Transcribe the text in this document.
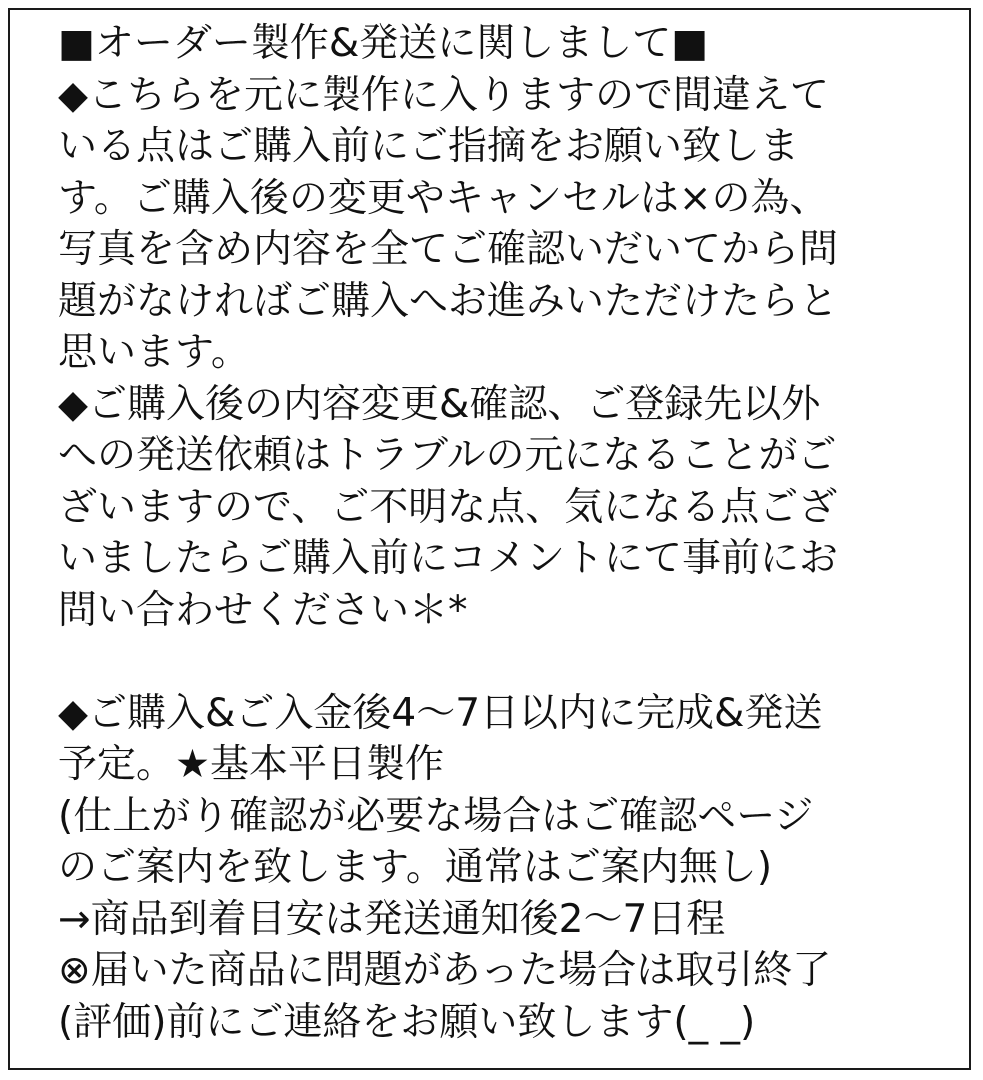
■オーダー製作&発送に関しまして■
◆こちらを元に製作に入りますので間違えて
いる点はご購入前にご指摘をお願い致しま
す。ご購入後の変更やキャンセルは×の為、
写真を含め内容を全てご確認いだいてから問
題がなければご購入へお進みいただけたらと
思います。
◆ご購入後の内容変更&確認、ご登録先以外
への発送依頼はトラブルの元になることがご
ざいますので、ご不明な点、気になる点ござ
いましたらご購入前にコメントにて事前にお
問い合わせください＊*
◆ご購入&ご入金後4〜7日以内に完成&発送
予定。★基本平日製作
(仕上がり確認が必要な場合はご確認ページ
のご案内を致します。通常はご案内無し)
→商品到着目安は発送通知後2〜7日程
⊗届いた商品に問題があった場合は取引終了
(評価)前にご連絡をお願い致します(_ _)
